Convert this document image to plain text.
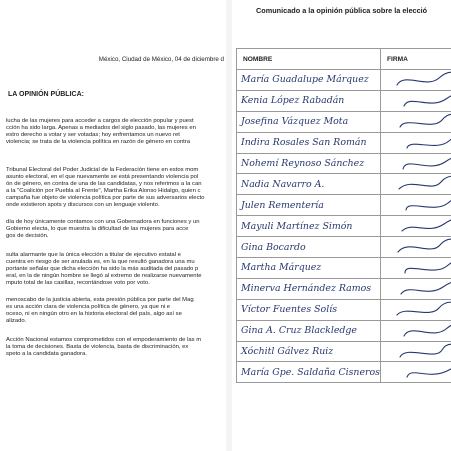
México, Ciudad de México, 04 de diciembre d
LA OPINIÓN PÚBLICA:
lucha de las mujeres para acceder a cargos de elección popular y puest
cción ha sido larga. Apenas a mediados del siglo pasado, las mujeres en
estro derecho a votar y ser votadas; hoy enfrentamos un nuevo ret
violencia; se trata de la violencia política en razón de género en contra
Tribunal Electoral del Poder Judicial de la Federación tiene en estos mom
asunto electoral, en el que nuevamente se está presentando violencia pol
ón de género, en contra de una de las candidatas, y nos referimos a la can
a la "Coalición por Puebla al Frente", Martha Erika Alonso Hidalgo, quien c
campaña fue objeto de violencia política por parte de sus adversarios electo
onde existieron spots y discursos con un lenguaje violento.
día de hoy únicamente contamos con una Gobernadora en funciones y un
Gobierno electa, lo que muestra la dificultad de las mujeres para acce
gos de decisión.
sulta alarmante que la única elección a titular de ejecutivo estatal e
cuentra en riesgo de ser anulada es, en la que resultó ganadora una mu
portante señalar que dicha elección ha sido la más auditada del pasado p
eral, en la de ningún hombre se llegó al extremo de realizarse nuevamente
mputo total de las casillas, recontándose voto por voto.
menoscabo de la justicia abierta, esta presión pública por parte del Mag
es una acción clara de violencia política de género, ya que ni e
oceso, ni en ningún otro en la historia electoral del país, algo así se
alizado.
Acción Nacional estamos comprometidos con el empoderamiento de las m
la toma de decisiones. Basta de violencia, basta de discriminación, ex
speto a la candidata ganadora.
Comunicado a la opinión pública sobre la elecció
NOMBRE	FIRMA
María Guadalupe Márquez	

Kenia López Rabadán	

Josefina Vázquez Mota	

Indira Rosales San Román	

Nohemí Reynoso Sánchez	

Nadia Navarro A.	

Julen Rementería	

Mayuli Martínez Simón	

Gina Bocardo	

Martha Márquez	

Minerva Hernández Ramos	

Víctor Fuentes Solís	

Gina A. Cruz Blackledge	

Xóchitl Gálvez Ruiz	

María Gpe. Saldaña Cisneros	
